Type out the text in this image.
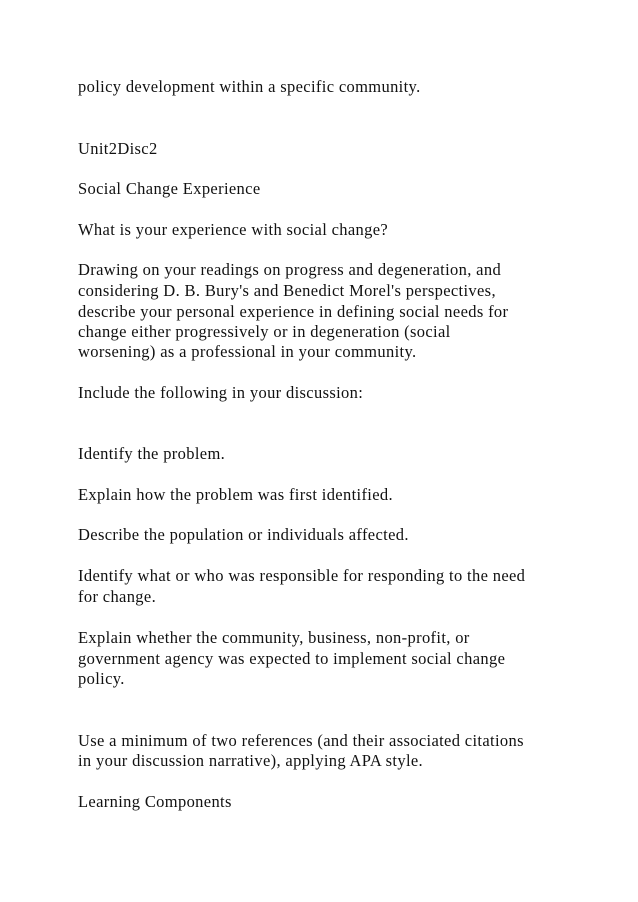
policy development within a specific community.

Unit2Disc2

Social Change Experience

What is your experience with social change?

Drawing on your readings on progress and degeneration, and

considering D. B. Bury's and Benedict Morel's perspectives,

describe your personal experience in defining social needs for

change either progressively or in degeneration (social

worsening) as a professional in your community.

Include the following in your discussion:

Identify the problem.

Explain how the problem was first identified.

Describe the population or individuals affected.

Identify what or who was responsible for responding to the need

for change.

Explain whether the community, business, non-profit, or

government agency was expected to implement social change

policy.

Use a minimum of two references (and their associated citations

in your discussion narrative), applying APA style.

Learning Components
